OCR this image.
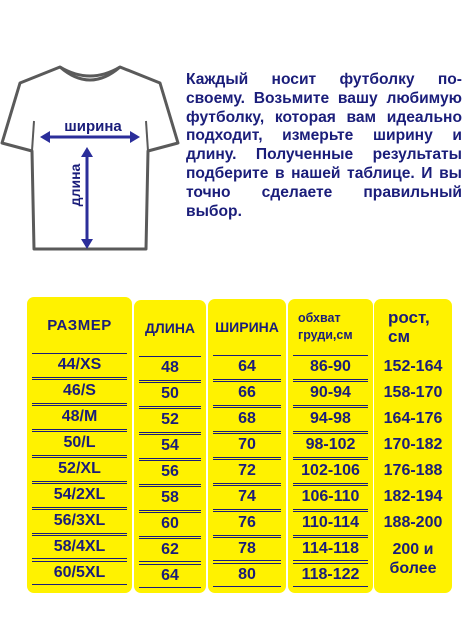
ширина
длина

Каждый носит футболку по-своему. Возьмите вашу любимую футболку, которая вам идеально подходит, измерьте ширину и длину. Полученные результаты подберите в нашей таблице. И вы точно сделаете правильный выбор.

РАЗМЕР
44/XS
46/S
48/M
50/L
52/XL
54/2XL
56/3XL
58/4XL
60/5XL
ДЛИНА
48
50
52
54
56
58
60
62
64
ШИРИНА
64
66
68
70
72
74
76
78
80
обхват груди,см
86-90
90-94
94-98
98-102
102-106
106-110
110-114
114-118
118-122
рост, см
152-164
158-170
164-176
170-182
176-188
182-194
188-200
200 и более
